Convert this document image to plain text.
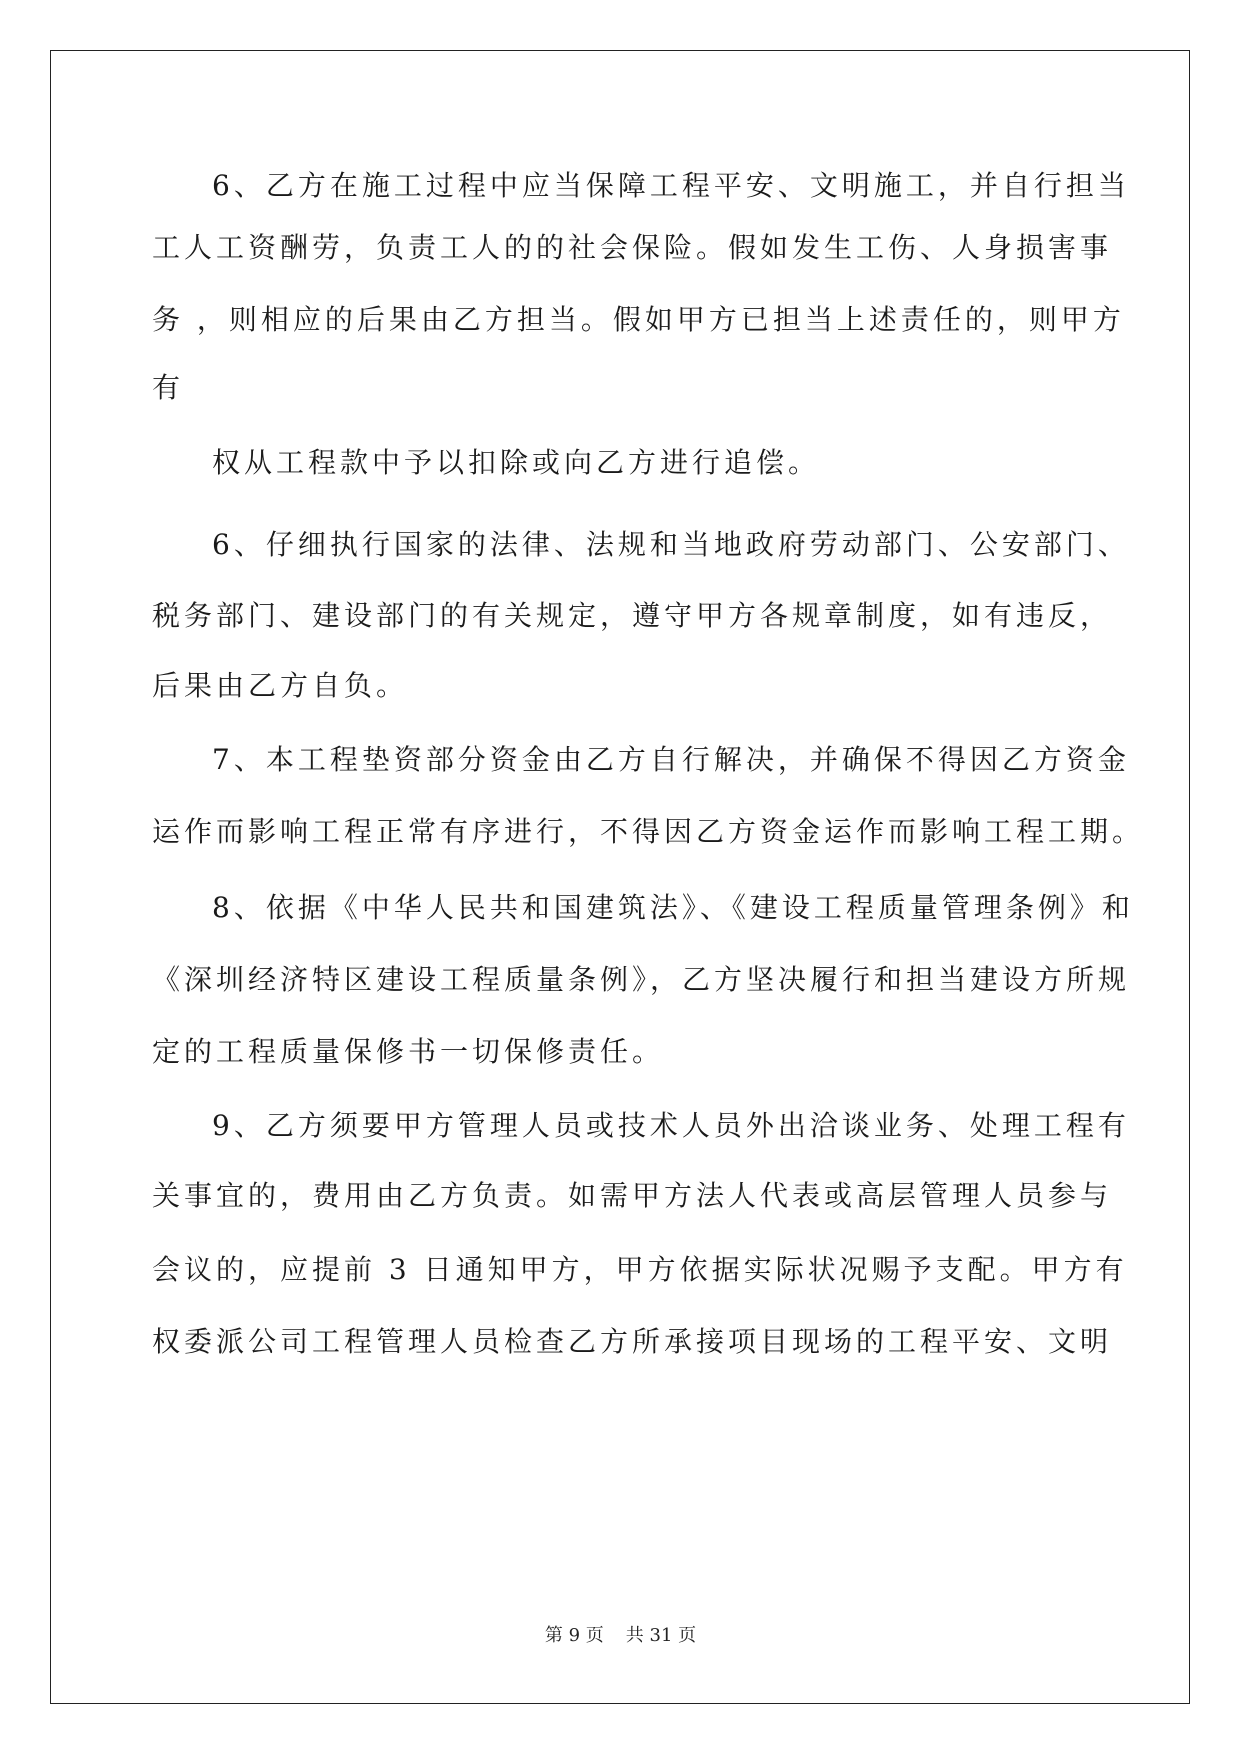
6、乙方在施工过程中应当保障工程平安、文明施工，并自行担当
工人工资酬劳，负责工人的的社会保险。假如发生工伤、人身损害事
务 ，则相应的后果由乙方担当。假如甲方已担当上述责任的，则甲方
有
权从工程款中予以扣除或向乙方进行追偿。
6、仔细执行国家的法律、法规和当地政府劳动部门、公安部门、
税务部门、建设部门的有关规定，遵守甲方各规章制度，如有违反，
后果由乙方自负。
7、本工程垫资部分资金由乙方自行解决，并确保不得因乙方资金
运作而影响工程正常有序进行，不得因乙方资金运作而影响工程工期。
8、依据《中华人民共和国建筑法》、《建设工程质量管理条例》和
《深圳经济特区建设工程质量条例》，乙方坚决履行和担当建设方所规
定的工程质量保修书一切保修责任。
9、乙方须要甲方管理人员或技术人员外出洽谈业务、处理工程有
关事宜的，费用由乙方负责。如需甲方法人代表或高层管理人员参与
会议的，应提前 3 日通知甲方，甲方依据实际状况赐予支配。甲方有
权委派公司工程管理人员检查乙方所承接项目现场的工程平安、文明
第 9 页 共 31 页
